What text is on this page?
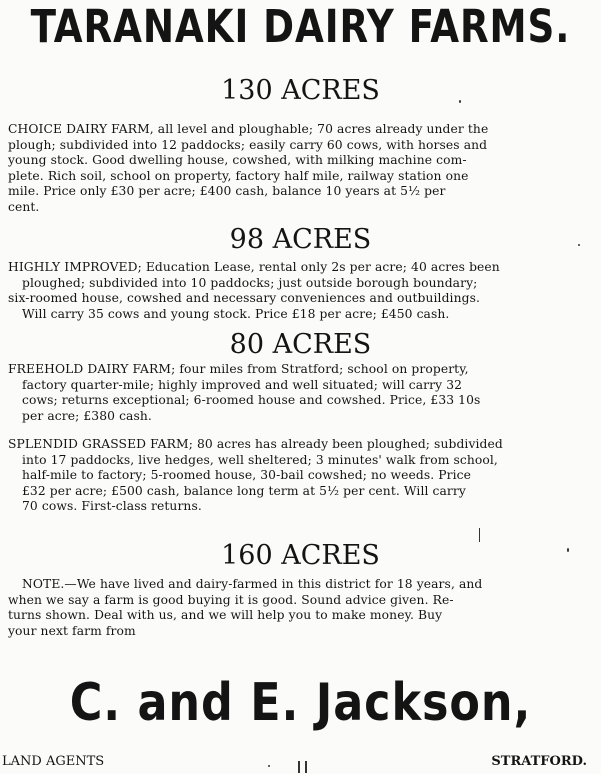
TARANAKI DAIRY FARMS.
130 ACRES
CHOICE DAIRY FARM, all level and ploughable; 70 acres already under the
plough; subdivided into 12 paddocks; easily carry 60 cows, with horses and
young stock. Good dwelling house, cowshed, with milking machine com-
plete. Rich soil, school on property, factory half mile, railway station one
mile. Price only £30 per acre; £400 cash, balance 10 years at 5½ per
cent.
98 ACRES
HIGHLY IMPROVED; Education Lease, rental only 2s per acre; 40 acres been
ploughed; subdivided into 10 paddocks; just outside borough boundary;
six-roomed house, cowshed and necessary conveniences and outbuildings.
Will carry 35 cows and young stock. Price £18 per acre; £450 cash.
80 ACRES
FREEHOLD DAIRY FARM; four miles from Stratford; school on property,
factory quarter-mile; highly improved and well situated; will carry 32
cows; returns exceptional; 6-roomed house and cowshed. Price, £33 10s
per acre; £380 cash.
SPLENDID GRASSED FARM; 80 acres has already been ploughed; subdivided
into 17 paddocks, live hedges, well sheltered; 3 minutes' walk from school,
half-mile to factory; 5-roomed house, 30-bail cowshed; no weeds. Price
£32 per acre; £500 cash, balance long term at 5½ per cent. Will carry
70 cows. First-class returns.
160 ACRES
NOTE.—We have lived and dairy-farmed in this district for 18 years, and
when we say a farm is good buying it is good. Sound advice given. Re-
turns shown. Deal with us, and we will help you to make money. Buy
your next farm from
C. and E. Jackson,
LAND AGENTS	STRATFORD.
